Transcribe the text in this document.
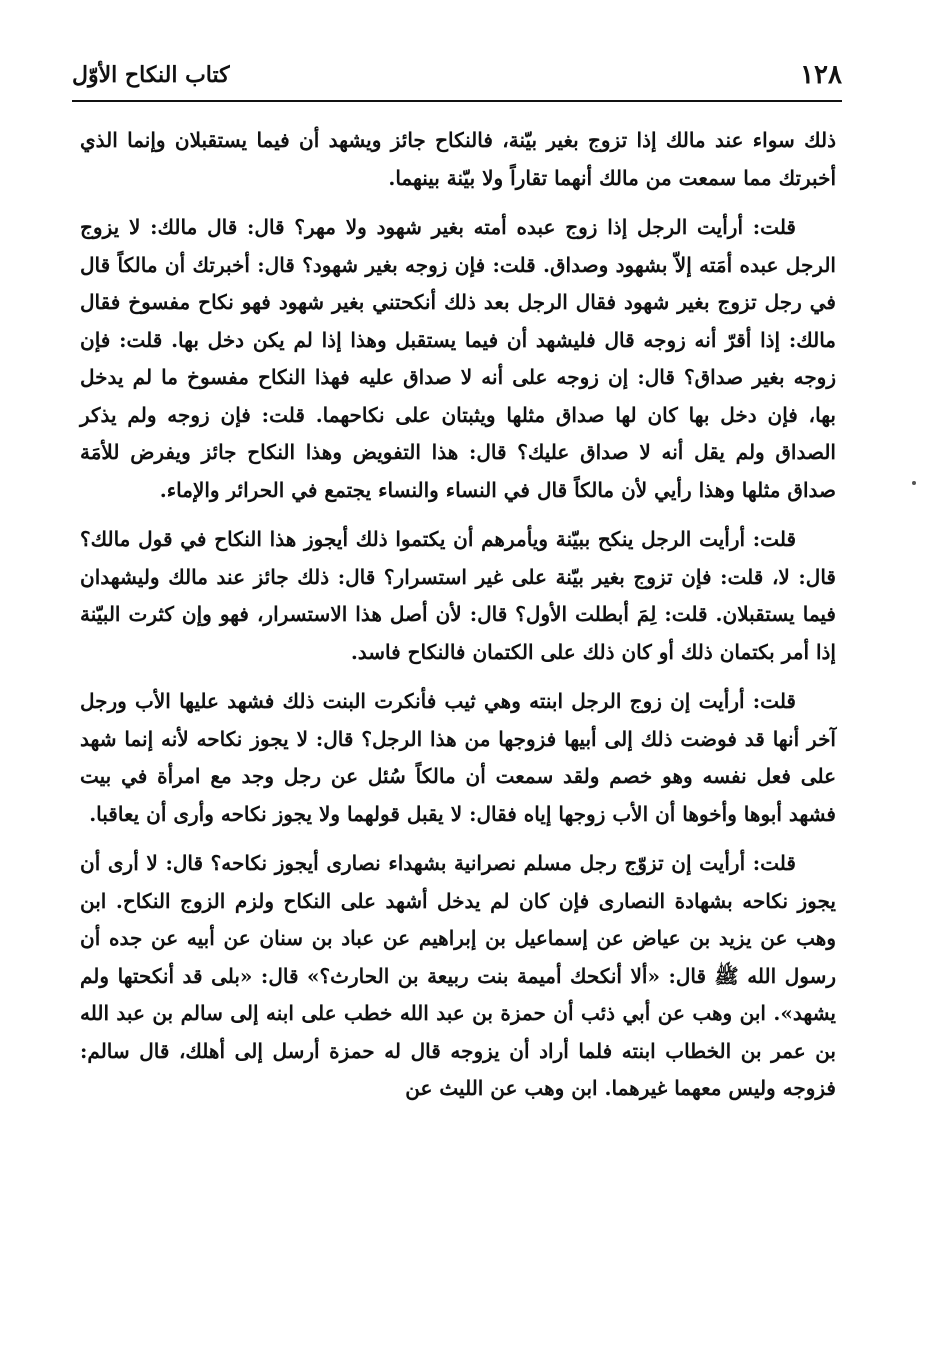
كتاب النكاح الأوّل	١٢٨

ذلك سواء عند مالك إذا تزوج بغير بيّنة، فالنكاح جائز ويشهد أن فيما يستقبلان وإنما الذي أخبرتك مما سمعت من مالك أنهما تقاراً ولا بيّنة بينهما.

قلت: أرأيت الرجل إذا زوج عبده أمته بغير شهود ولا مهر؟ قال: قال مالك: لا يزوج الرجل عبده أمَته إلاّ بشهود وصداق. قلت: فإن زوجه بغير شهود؟ قال: أخبرتك أن مالكاً قال في رجل تزوج بغير شهود فقال الرجل بعد ذلك أنكحتني بغير شهود فهو نكاح مفسوخ فقال مالك: إذا أقرّ أنه زوجه قال فليشهد أن فيما يستقبل وهذا إذا لم يكن دخل بها. قلت: فإن زوجه بغير صداق؟ قال: إن زوجه على أنه لا صداق عليه فهذا النكاح مفسوخ ما لم يدخل بها، فإن دخل بها كان لها صداق مثلها ويثبتان على نكاحهما. قلت: فإن زوجه ولم يذكر الصداق ولم يقل أنه لا صداق عليك؟ قال: هذا التفويض وهذا النكاح جائز ويفرض للأمَة صداق مثلها وهذا رأيي لأن مالكاً قال في النساء والنساء يجتمع في الحرائر والإماء.

قلت: أرأيت الرجل ينكح ببيّنة ويأمرهم أن يكتموا ذلك أيجوز هذا النكاح في قول مالك؟ قال: لا، قلت: فإن تزوج بغير بيّنة على غير استسرار؟ قال: ذلك جائز عند مالك وليشهدان فيما يستقبلان. قلت: لِمَ أبطلت الأول؟ قال: لأن أصل هذا الاستسرار، فهو وإن كثرت البيّنة إذا أمر بكتمان ذلك أو كان ذلك على الكتمان فالنكاح فاسد.

قلت: أرأيت إن زوج الرجل ابنته وهي ثيب فأنكرت البنت ذلك فشهد عليها الأب ورجل آخر أنها قد فوضت ذلك إلى أبيها فزوجها من هذا الرجل؟ قال: لا يجوز نكاحه لأنه إنما شهد على فعل نفسه وهو خصم ولقد سمعت أن مالكاً سُئل عن رجل وجد مع امرأة في بيت فشهد أبوها وأخوها أن الأب زوجها إياه فقال: لا يقبل قولهما ولا يجوز نكاحه وأرى أن يعاقبا.

قلت: أرأيت إن تزوّج رجل مسلم نصرانية بشهداء نصارى أيجوز نكاحه؟ قال: لا أرى أن يجوز نكاحه بشهادة النصارى فإن كان لم يدخل أشهد على النكاح ولزم الزوج النكاح. ابن وهب عن يزيد بن عياض عن إسماعيل بن إبراهيم عن عباد بن سنان عن أبيه عن جده أن رسول الله ﷺ قال: «ألا أنكحك أميمة بنت ربيعة بن الحارث؟» قال: «بلى قد أنكحتها ولم يشهد». ابن وهب عن أبي ذئب أن حمزة بن عبد الله خطب على ابنه إلى سالم بن عبد الله بن عمر بن الخطاب ابنته فلما أراد أن يزوجه قال له حمزة أرسل إلى أهلك، قال سالم: فزوجه وليس معهما غيرهما. ابن وهب عن الليث عن
